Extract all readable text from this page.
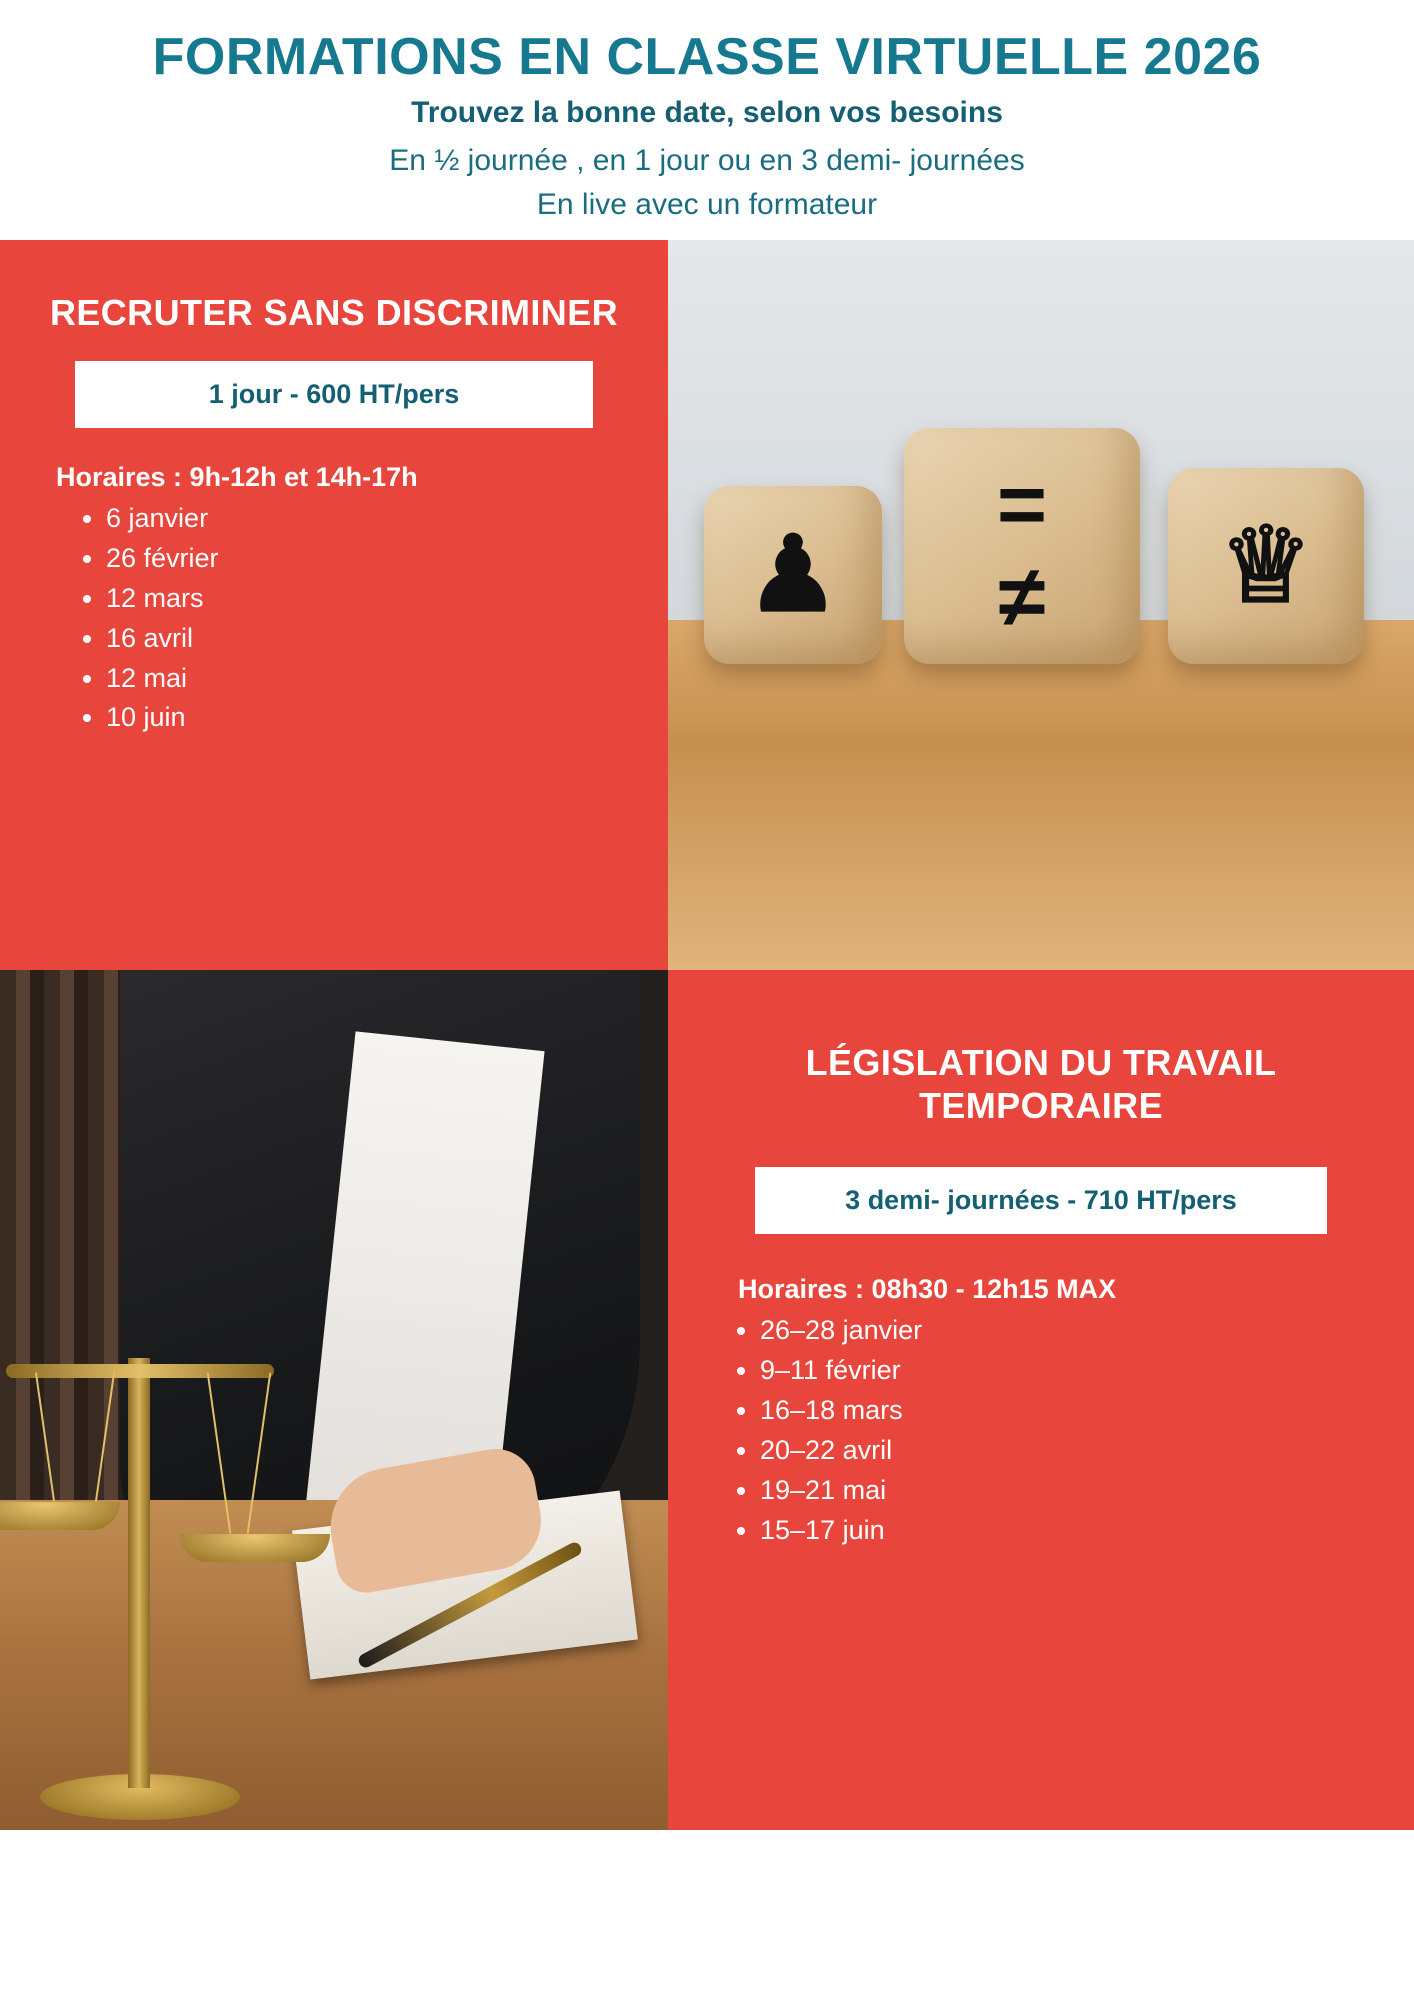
FORMATIONS EN CLASSE VIRTUELLE 2026
Trouvez la bonne date, selon vos besoins
En ½ journée , en 1 jour ou en 3 demi- journées
En live avec un formateur
RECRUTER SANS DISCRIMINER
1 jour - 600 HT/pers
Horaires : 9h-12h et 14h-17h
• 6 janvier
• 26 février
• 12 mars
• 16 avril
• 12 mai
• 10 juin
♟
=
≠ ♕
LÉGISLATION DU TRAVAIL TEMPORAIRE
3 demi- journées - 710 HT/pers
Horaires : 08h30 - 12h15 MAX
• 26–28 janvier
• 9–11 février
• 16–18 mars
• 20–22 avril
• 19–21 mai
• 15–17 juin
